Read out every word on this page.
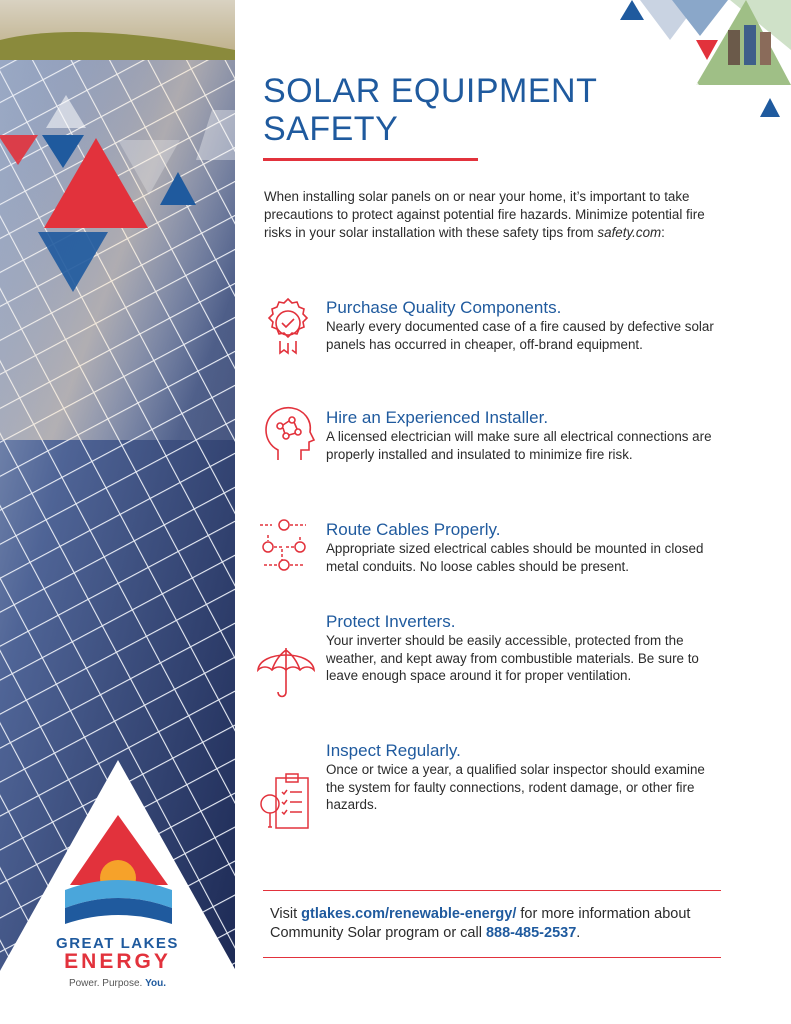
GREAT LAKES
ENERGY
Power. Purpose. You.
SOLAR EQUIPMENT
SAFETY
When installing solar panels on or near your home, it’s important to take precautions to protect against potential fire hazards. Minimize potential fire risks in your solar installation with these safety tips from safety.com:
Purchase Quality Components.

Nearly every documented case of a fire caused by defective solar panels has occurred in cheaper, off-brand equipment.

Hire an Experienced Installer.

A licensed electrician will make sure all electrical connections are properly installed and insulated to minimize fire risk.

Route Cables Properly.

Appropriate sized electrical cables should be mounted in closed metal conduits. No loose cables should be present.

Protect Inverters.

Your inverter should be easily accessible, protected from the weather, and kept away from combustible materials. Be sure to leave enough space around it for proper ventilation.

Inspect Regularly.

Once or twice a year, a qualified solar inspector should examine the system for faulty connections, rodent damage, or other fire hazards.

Visit gtlakes.com/renewable-energy/ for more information about Community Solar program or call 888-485-2537.
